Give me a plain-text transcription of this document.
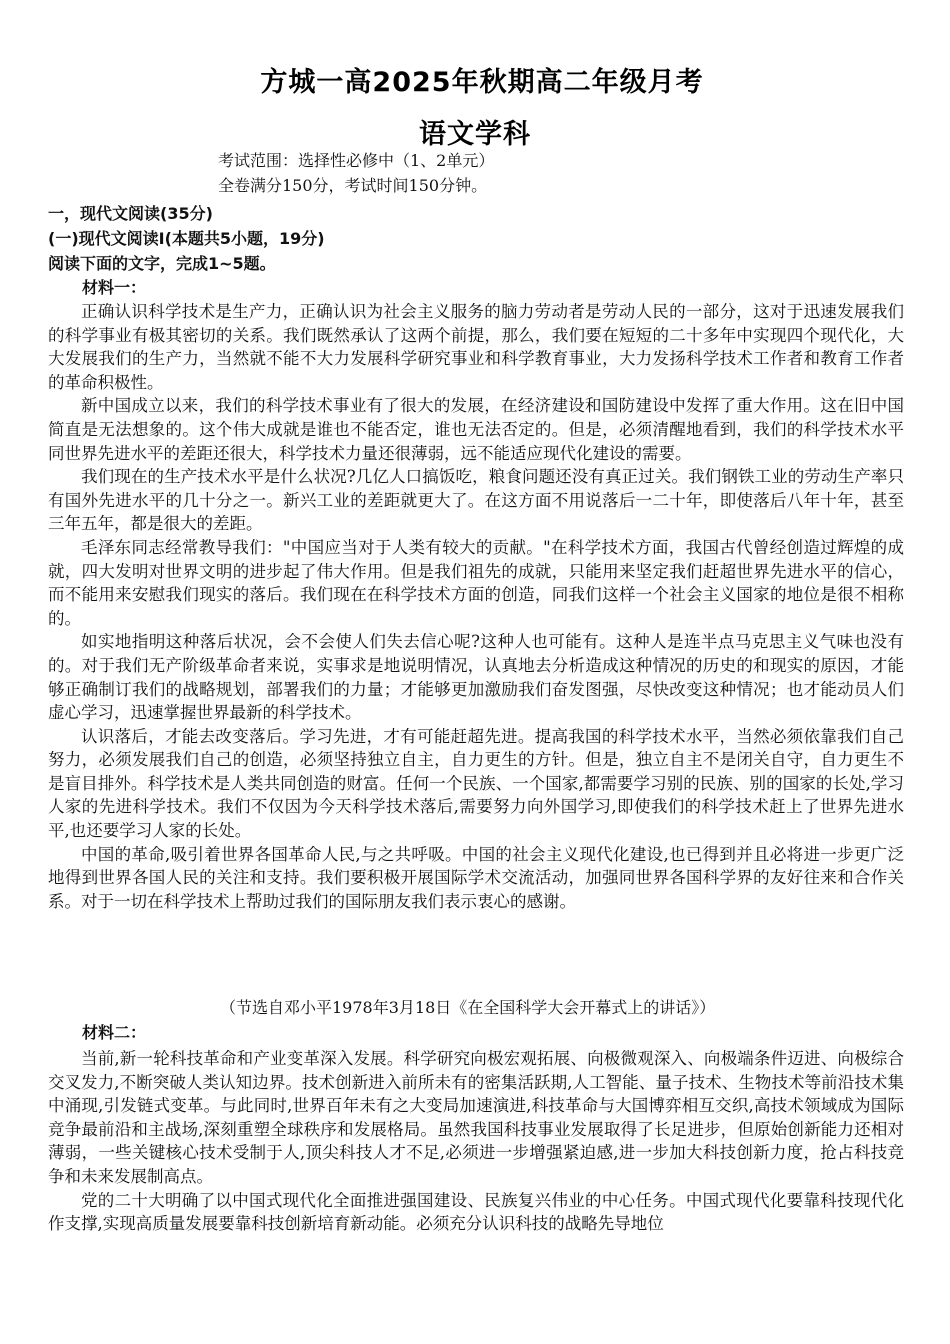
方城一高2025年秋期高二年级月考
语文学科
考试范围：选择性必修中（1、2单元）
全卷满分150分，考试时间150分钟。
一，现代文阅读(35分)
(一)现代文阅读I(本题共5小题，19分)
阅读下面的文字，完成1~5题。
材料一：

正确认识科学技术是生产力，正确认识为社会主义服务的脑力劳动者是劳动人民的一部分，这对于迅速发展我们的科学事业有极其密切的关系。我们既然承认了这两个前提，那么，我们要在短短的二十多年中实现四个现代化，大大发展我们的生产力，当然就不能不大力发展科学研究事业和科学教育事业，大力发扬科学技术工作者和教育工作者的革命积极性。

新中国成立以来，我们的科学技术事业有了很大的发展，在经济建设和国防建设中发挥了重大作用。这在旧中国简直是无法想象的。这个伟大成就是谁也不能否定，谁也无法否定的。但是，必须清醒地看到，我们的科学技术水平同世界先进水平的差距还很大，科学技术力量还很薄弱，远不能适应现代化建设的需要。

我们现在的生产技术水平是什么状况?几亿人口搞饭吃，粮食问题还没有真正过关。我们钢铁工业的劳动生产率只有国外先进水平的几十分之一。新兴工业的差距就更大了。在这方面不用说落后一二十年，即使落后八年十年，甚至三年五年，都是很大的差距。

毛泽东同志经常教导我们："中国应当对于人类有较大的贡献。"在科学技术方面，我国古代曾经创造过辉煌的成就，四大发明对世界文明的进步起了伟大作用。但是我们祖先的成就，只能用来坚定我们赶超世界先进水平的信心，而不能用来安慰我们现实的落后。我们现在在科学技术方面的创造，同我们这样一个社会主义国家的地位是很不相称的。

如实地指明这种落后状况，会不会使人们失去信心呢?这种人也可能有。这种人是连半点马克思主义气味也没有的。对于我们无产阶级革命者来说，实事求是地说明情况，认真地去分析造成这种情况的历史的和现实的原因，才能够正确制订我们的战略规划，部署我们的力量；才能够更加激励我们奋发图强，尽快改变这种情况；也才能动员人们虚心学习，迅速掌握世界最新的科学技术。

认识落后，才能去改变落后。学习先进，才有可能赶超先进。提高我国的科学技术水平，当然必须依靠我们自己努力，必须发展我们自己的创造，必须坚持独立自主，自力更生的方针。但是，独立自主不是闭关自守，自力更生不是盲目排外。科学技术是人类共同创造的财富。任何一个民族、一个国家,都需要学习别的民族、别的国家的长处,学习人家的先进科学技术。我们不仅因为今天科学技术落后,需要努力向外国学习,即使我们的科学技术赶上了世界先进水平,也还要学习人家的长处。

中国的革命,吸引着世界各国革命人民,与之共呼吸。中国的社会主义现代化建设,也已得到并且必将进一步更广泛地得到世界各国人民的关注和支持。我们要积极开展国际学术交流活动，加强同世界各国科学界的友好往来和合作关系。对于一切在科学技术上帮助过我们的国际朋友我们表示衷心的感谢。

（节选自邓小平1978年3月18日《在全国科学大会开幕式上的讲话》）
材料二：

当前,新一轮科技革命和产业变革深入发展。科学研究向极宏观拓展、向极微观深入、向极端条件迈进、向极综合交叉发力,不断突破人类认知边界。技术创新进入前所未有的密集活跃期,人工智能、量子技术、生物技术等前沿技术集中涌现,引发链式变革。与此同时,世界百年未有之大变局加速演进,科技革命与大国博弈相互交织,高技术领域成为国际竞争最前沿和主战场,深刻重塑全球秩序和发展格局。虽然我国科技事业发展取得了长足进步，但原始创新能力还相对薄弱，一些关键核心技术受制于人,顶尖科技人才不足,必须进一步增强紧迫感,进一步加大科技创新力度，抢占科技竞争和未来发展制高点。

党的二十大明确了以中国式现代化全面推进强国建设、民族复兴伟业的中心任务。中国式现代化要靠科技现代化作支撑,实现高质量发展要靠科技创新培育新动能。必须充分认识科技的战略先导地位
